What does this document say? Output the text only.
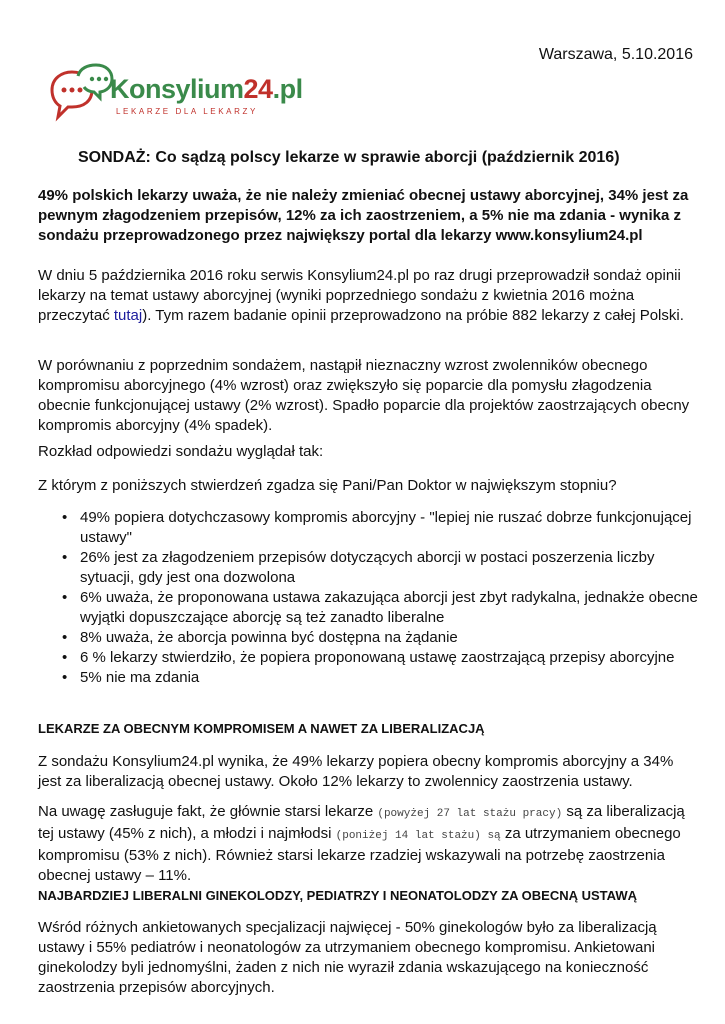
Warszawa, 5.10.2016
Konsylium24.pl
LEKARZE DLA LEKARZY
SONDAŻ: Co sądzą polscy lekarze w sprawie aborcji (październik 2016)

49% polskich lekarzy uważa, że nie należy zmieniać obecnej ustawy aborcyjnej, 34% jest za pewnym złagodzeniem przepisów, 12% za ich zaostrzeniem, a 5% nie ma zdania - wynika z sondażu przeprowadzonego przez największy portal dla lekarzy www.konsylium24.pl

W dniu 5 października 2016 roku serwis Konsylium24.pl po raz drugi przeprowadził sondaż opinii lekarzy na temat ustawy aborcyjnej (wyniki poprzedniego sondażu z kwietnia 2016 można przeczytać tutaj). Tym razem badanie opinii przeprowadzono na próbie 882 lekarzy z całej Polski.

W porównaniu z poprzednim sondażem, nastąpił nieznaczny wzrost zwolenników obecnego kompromisu aborcyjnego (4% wzrost) oraz zwiększyło się poparcie dla pomysłu złagodzenia obecnie funkcjonującej ustawy (2% wzrost). Spadło poparcie dla projektów zaostrzających obecny kompromis aborcyjny (4% spadek).

Rozkład odpowiedzi sondażu wyglądał tak:

Z którym z poniższych stwierdzeń zgadza się Pani/Pan Doktor w największym stopniu?

• 49% popiera dotychczasowy kompromis aborcyjny - "lepiej nie ruszać dobrze funkcjonującej ustawy"
• 26% jest za złagodzeniem przepisów dotyczących aborcji w postaci poszerzenia liczby sytuacji, gdy jest ona dozwolona
• 6% uważa, że proponowana ustawa zakazująca aborcji jest zbyt radykalna, jednakże obecne wyjątki dopuszczające aborcję są też zanadto liberalne
• 8% uważa, że aborcja powinna być dostępna na żądanie
• 6 % lekarzy stwierdziło, że popiera proponowaną ustawę zaostrzającą przepisy aborcyjne
• 5% nie ma zdania
LEKARZE ZA OBECNYM KOMPROMISEM A NAWET ZA LIBERALIZACJĄ

Z sondażu Konsylium24.pl wynika, że 49% lekarzy popiera obecny kompromis aborcyjny a 34% jest za liberalizacją obecnej ustawy. Około 12% lekarzy to zwolennicy zaostrzenia ustawy.

Na uwagę zasługuje fakt, że głównie starsi lekarze (powyżej 27 lat stażu pracy) są za liberalizacją tej ustawy (45% z nich), a młodzi i najmłodsi (poniżej 14 lat stażu) są za utrzymaniem obecnego kompromisu (53% z nich). Również starsi lekarze rzadziej wskazywali na potrzebę zaostrzenia obecnej ustawy – 11%.

NAJBARDZIEJ LIBERALNI GINEKOLODZY, PEDIATRZY I NEONATOLODZY ZA OBECNĄ USTAWĄ

Wśród różnych ankietowanych specjalizacji najwięcej - 50% ginekologów było za liberalizacją ustawy i 55% pediatrów i neonatologów za utrzymaniem obecnego kompromisu. Ankietowani ginekolodzy byli jednomyślni, żaden z nich nie wyraził zdania wskazującego na konieczność zaostrzenia przepisów aborcyjnych.
